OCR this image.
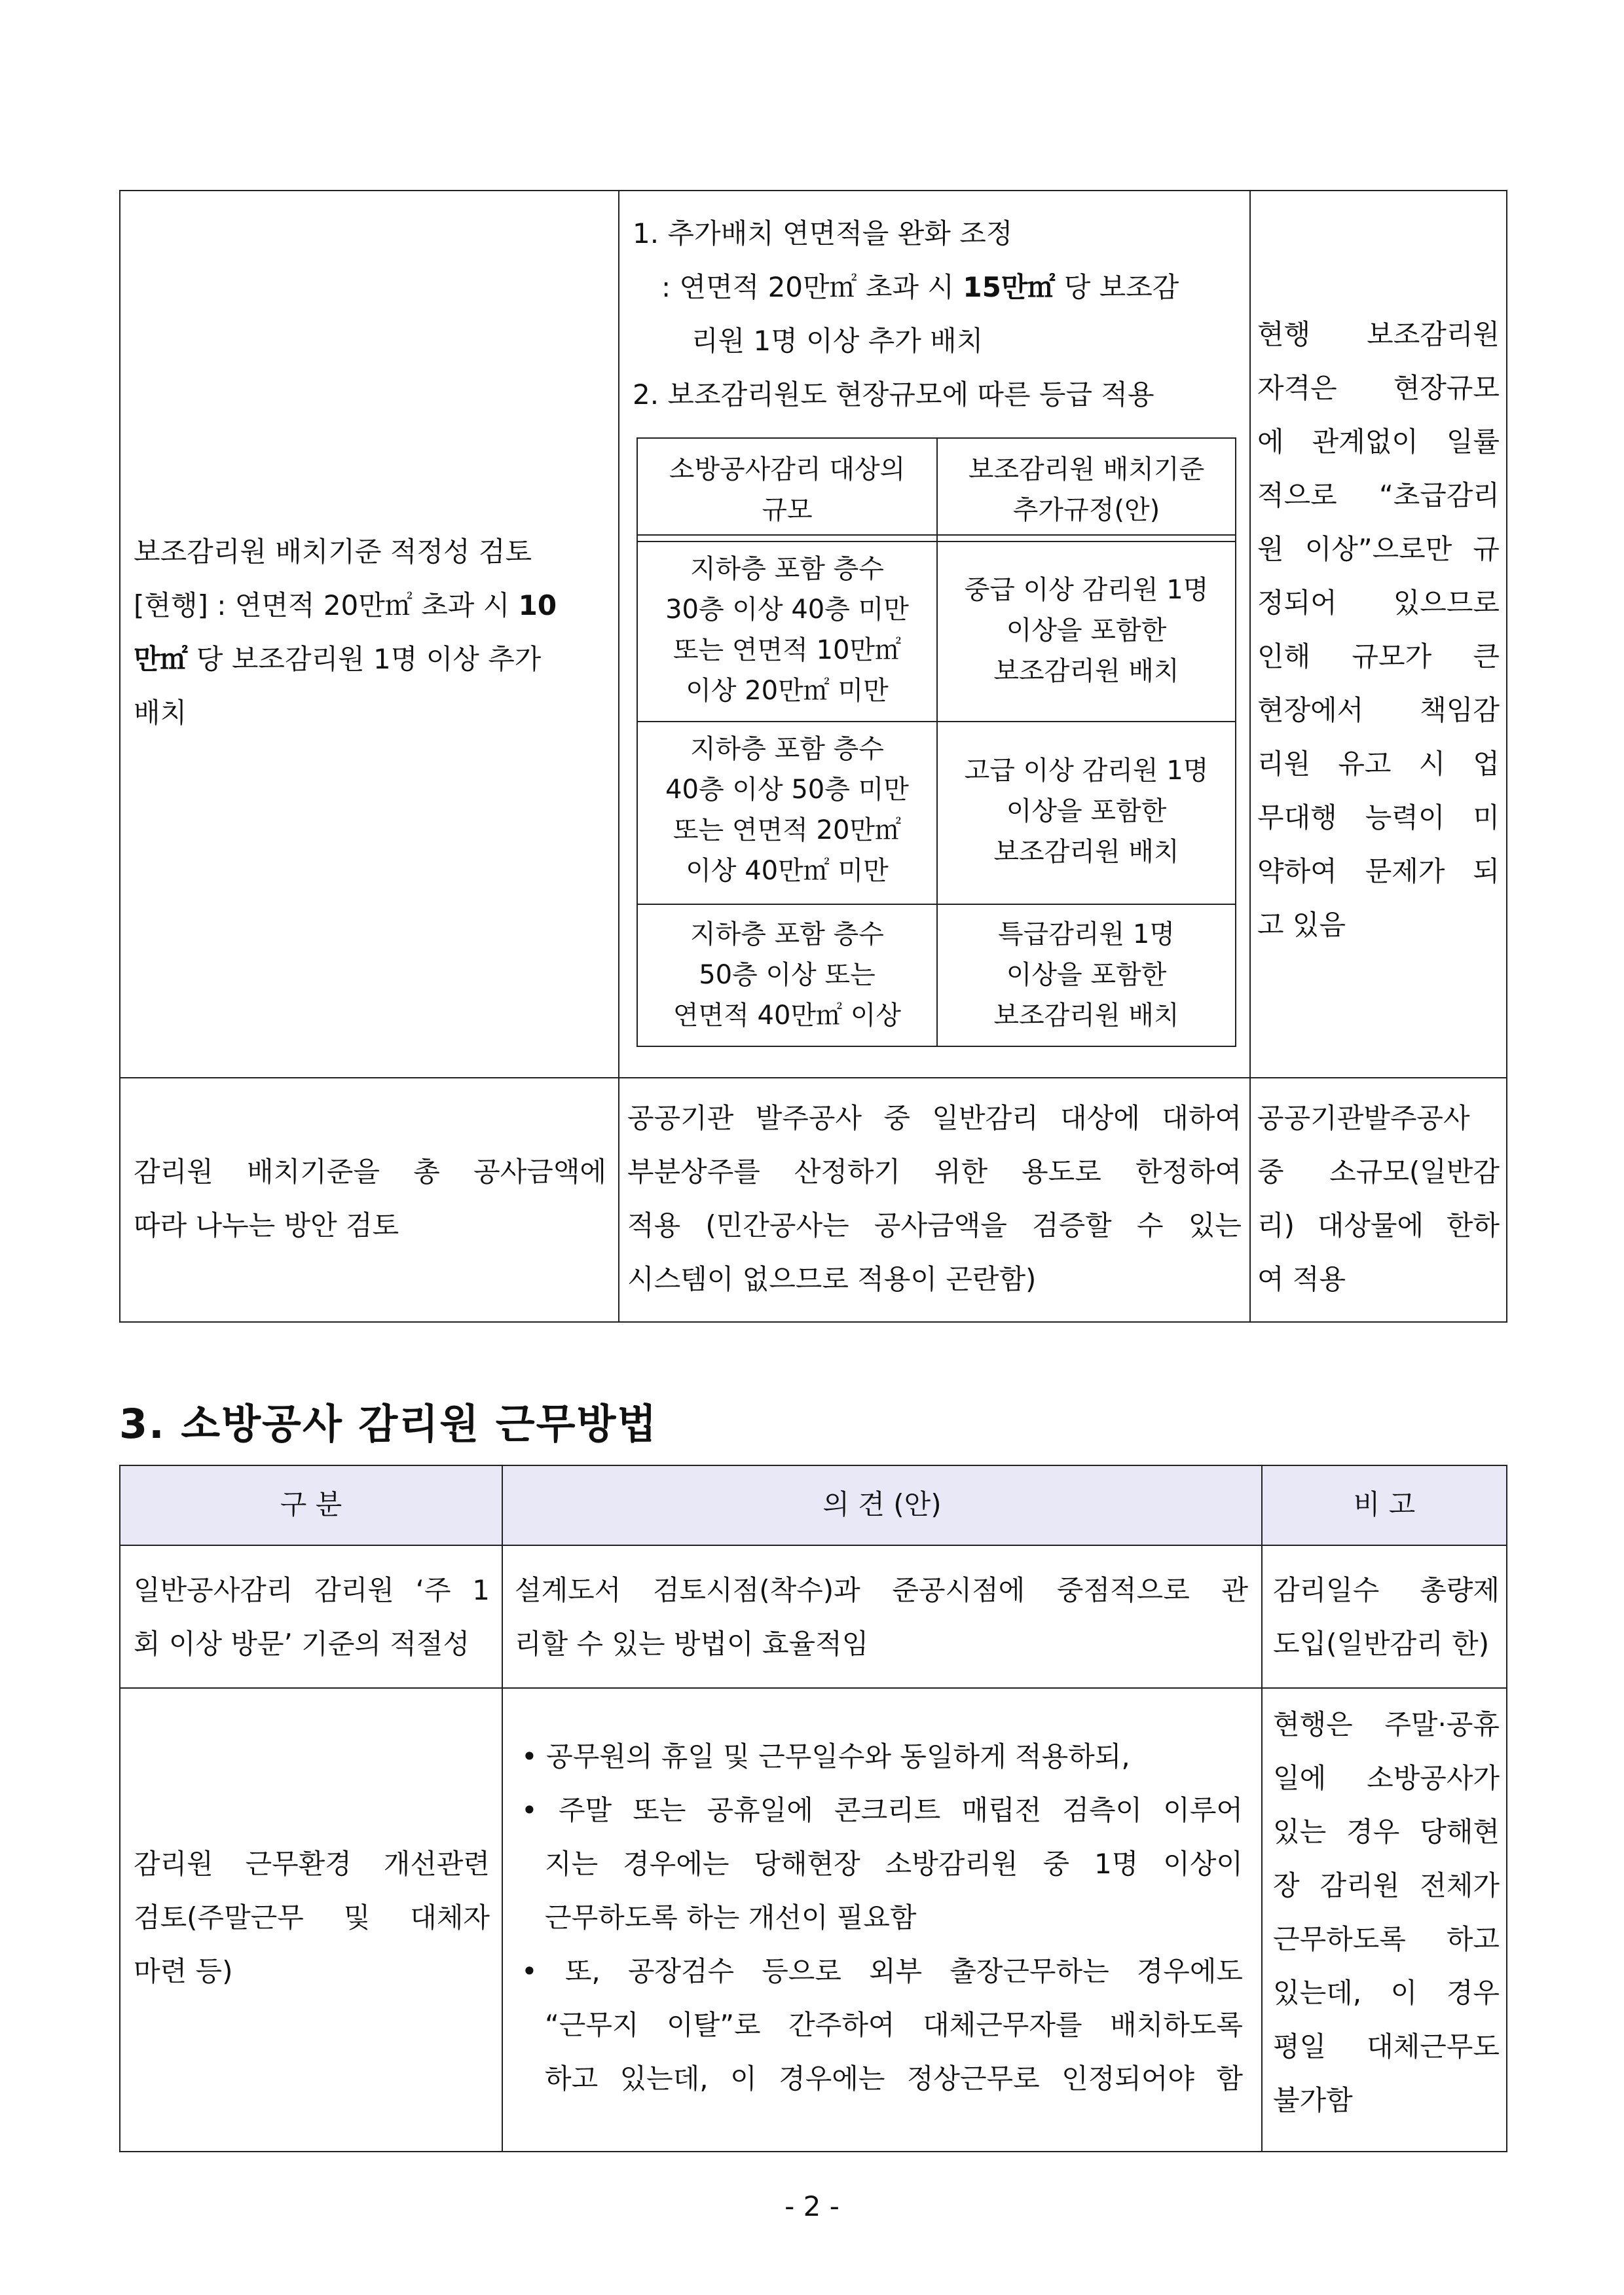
보조감리원 배치기준 적정성 검토
[현행] : 연면적 20만㎡ 초과 시 10
만㎡ 당 보조감리원 1명 이상 추가
배치
1. 추가배치 연면적을 완화 조정
: 연면적 20만㎡ 초과 시 15만㎡ 당 보조감
리원 1명 이상 추가 배치
2. 보조감리원도 현장규모에 따른 등급 적용
소방공사감리 대상의
규모
보조감리원 배치기준
추가규정(안)
지하층 포함 층수
30층 이상 40층 미만
또는 연면적 10만㎡
이상 20만㎡ 미만
중급 이상 감리원 1명
이상을 포함한
보조감리원 배치
지하층 포함 층수
40층 이상 50층 미만
또는 연면적 20만㎡
이상 40만㎡ 미만
고급 이상 감리원 1명
이상을 포함한
보조감리원 배치
지하층 포함 층수
50층 이상 또는
연면적 40만㎡ 이상
특급감리원 1명
이상을 포함한
보조감리원 배치
현행 보조감리원
자격은 현장규모
에 관계없이 일률
적으로 “초급감리
원 이상”으로만 규
정되어 있으므로
인해 규모가 큰
현장에서 책임감
리원 유고 시 업
무대행 능력이 미
약하여 문제가 되
고 있음
감리원 배치기준을 총 공사금액에
따라 나누는 방안 검토
공공기관 발주공사 중 일반감리 대상에 대하여
부분상주를 산정하기 위한 용도로 한정하여
적용 (민간공사는 공사금액을 검증할 수 있는
시스템이 없으므로 적용이 곤란함)
공공기관발주공사
중 소규모(일반감
리) 대상물에 한하
여 적용
3. 소방공사 감리원 근무방법
구 분	의 견 (안)	비 고
일반공사감리 감리원 ‘주 1
회 이상 방문’ 기준의 적절성
설계도서 검토시점(착수)과 준공시점에 중점적으로 관
리할 수 있는 방법이 효율적임
감리일수 총량제
도입(일반감리 한)
감리원 근무환경 개선관련
검토(주말근무 및 대체자
마련 등)
• 공무원의 휴일 및 근무일수와 동일하게 적용하되,
• 주말 또는 공휴일에 콘크리트 매립전 검측이 이루어
지는 경우에는 당해현장 소방감리원 중 1명 이상이
근무하도록 하는 개선이 필요함
• 또, 공장검수 등으로 외부 출장근무하는 경우에도
“근무지 이탈”로 간주하여 대체근무자를 배치하도록
하고 있는데, 이 경우에는 정상근무로 인정되어야 함
현행은 주말·공휴
일에 소방공사가
있는 경우 당해현
장 감리원 전체가
근무하도록 하고
있는데, 이 경우
평일 대체근무도
불가함
- 2 -
